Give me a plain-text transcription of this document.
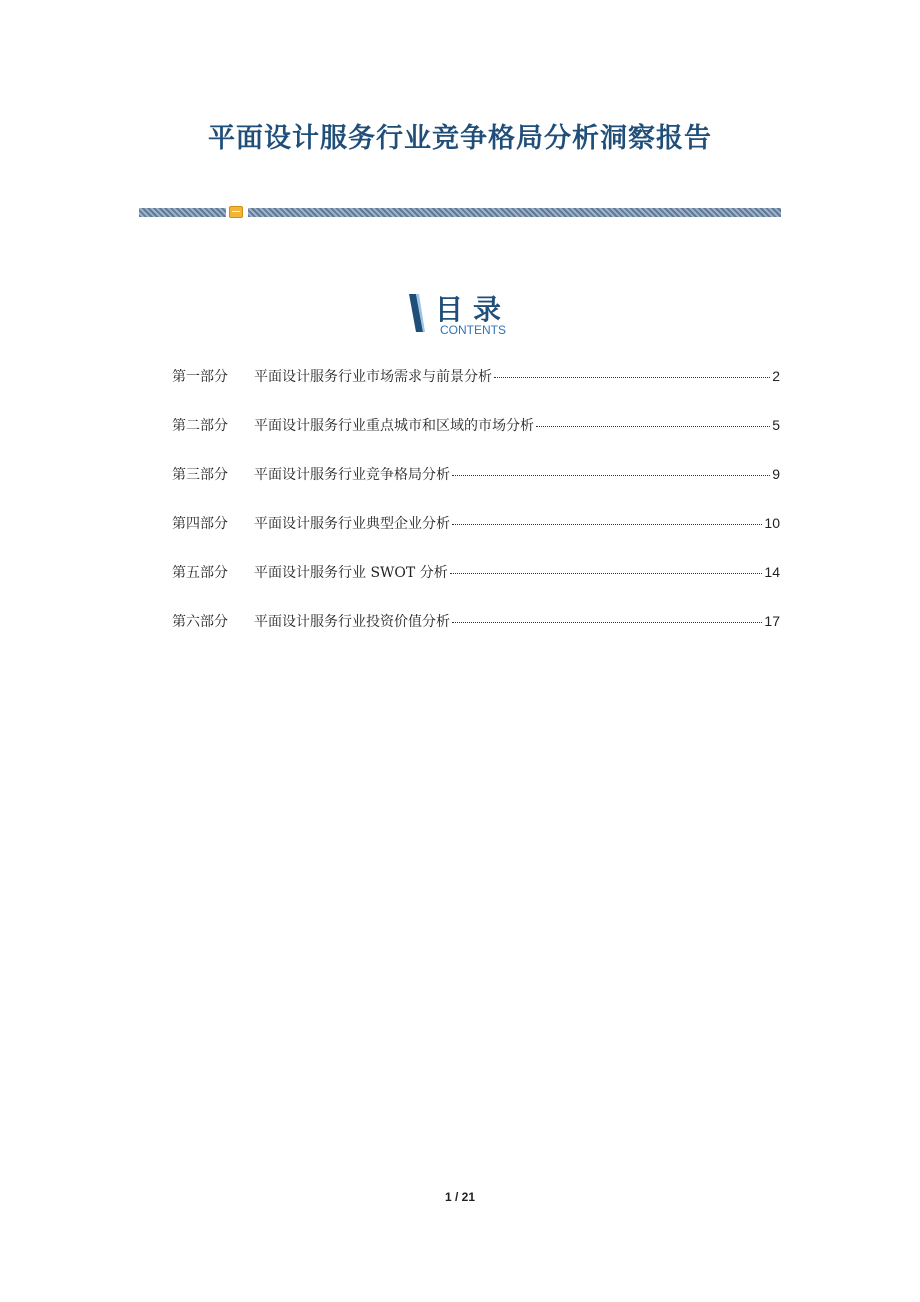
平面设计服务行业竞争格局分析洞察报告
目录
CONTENTS
第一部分	平面设计服务行业市场需求与前景分析	2
第二部分	平面设计服务行业重点城市和区域的市场分析	5
第三部分	平面设计服务行业竞争格局分析	9
第四部分	平面设计服务行业典型企业分析	10
第五部分	平面设计服务行业 SWOT 分析	14
第六部分	平面设计服务行业投资价值分析	17
1 / 21
